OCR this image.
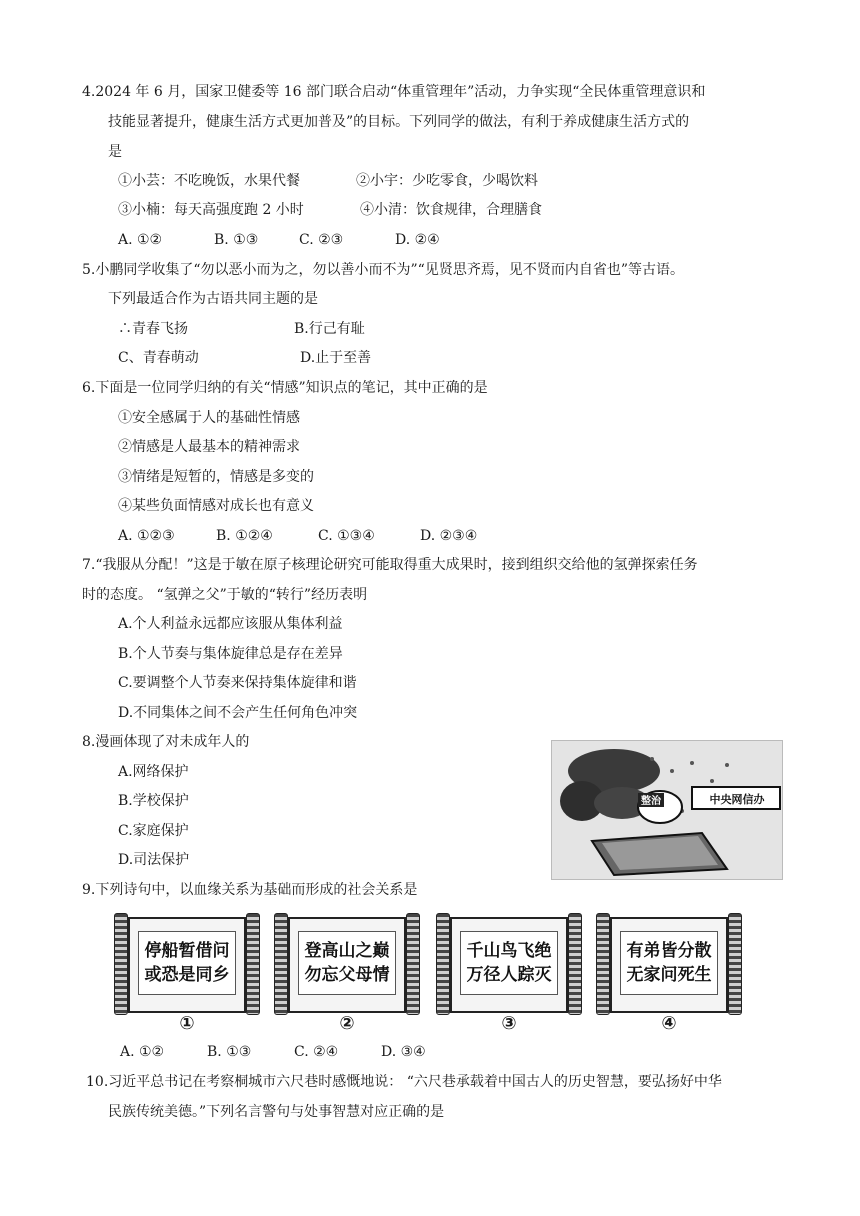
4.2024 年 6 月，国家卫健委等 16 部门联合启动“体重管理年”活动，力争实现“全民体重管理意识和
技能显著提升，健康生活方式更加普及”的目标。下列同学的做法，有利于养成健康生活方式的
是
①小芸：不吃晚饭，水果代餐	②小宇：少吃零食，少喝饮料
③小楠：每天高强度跑 2 小时	④小清：饮食规律，合理膳食
A. ①②	B. ①③	C. ②③	D. ②④
5.小鹏同学收集了“勿以恶小而为之，勿以善小而不为”“见贤思齐焉，见不贤而内自省也”等古语。
下列最适合作为古语共同主题的是
∴青春飞扬	B.行己有耻
C、青春萌动	D.止于至善
6.下面是一位同学归纳的有关“情感”知识点的笔记，其中正确的是
①安全感属于人的基础性情感
②情感是人最基本的精神需求
③情绪是短暂的，情感是多变的
④某些负面情感对成长也有意义
A. ①②③	B. ①②④	C. ①③④	D. ②③④
7.“我服从分配！”这是于敏在原子核理论研究可能取得重大成果时，接到组织交给他的氢弹探索任务
时的态度。 “氢弹之父”于敏的“转行”经历表明
A.个人利益永远都应该服从集体利益
B.个人节奏与集体旋律总是存在差异
C.要调整个人节奏来保持集体旋律和谐
D.不同集体之间不会产生任何角色冲突
8.漫画体现了对未成年人的
A.网络保护
B.学校保护
C.家庭保护
D.司法保护
整治	中央网信办
9.下列诗句中，以血缘关系为基础而形成的社会关系是
停船暂借问
或恐是同乡
①
登高山之巅
勿忘父母情
②
千山鸟飞绝
万径人踪灭
③
有弟皆分散
无家问死生
④
A. ①②	B. ①③	C. ②④	D. ③④
10.习近平总书记在考察桐城市六尺巷时感慨地说： “六尺巷承载着中国古人的历史智慧，要弘扬好中华
民族传统美德。”下列名言警句与处事智慧对应正确的是
